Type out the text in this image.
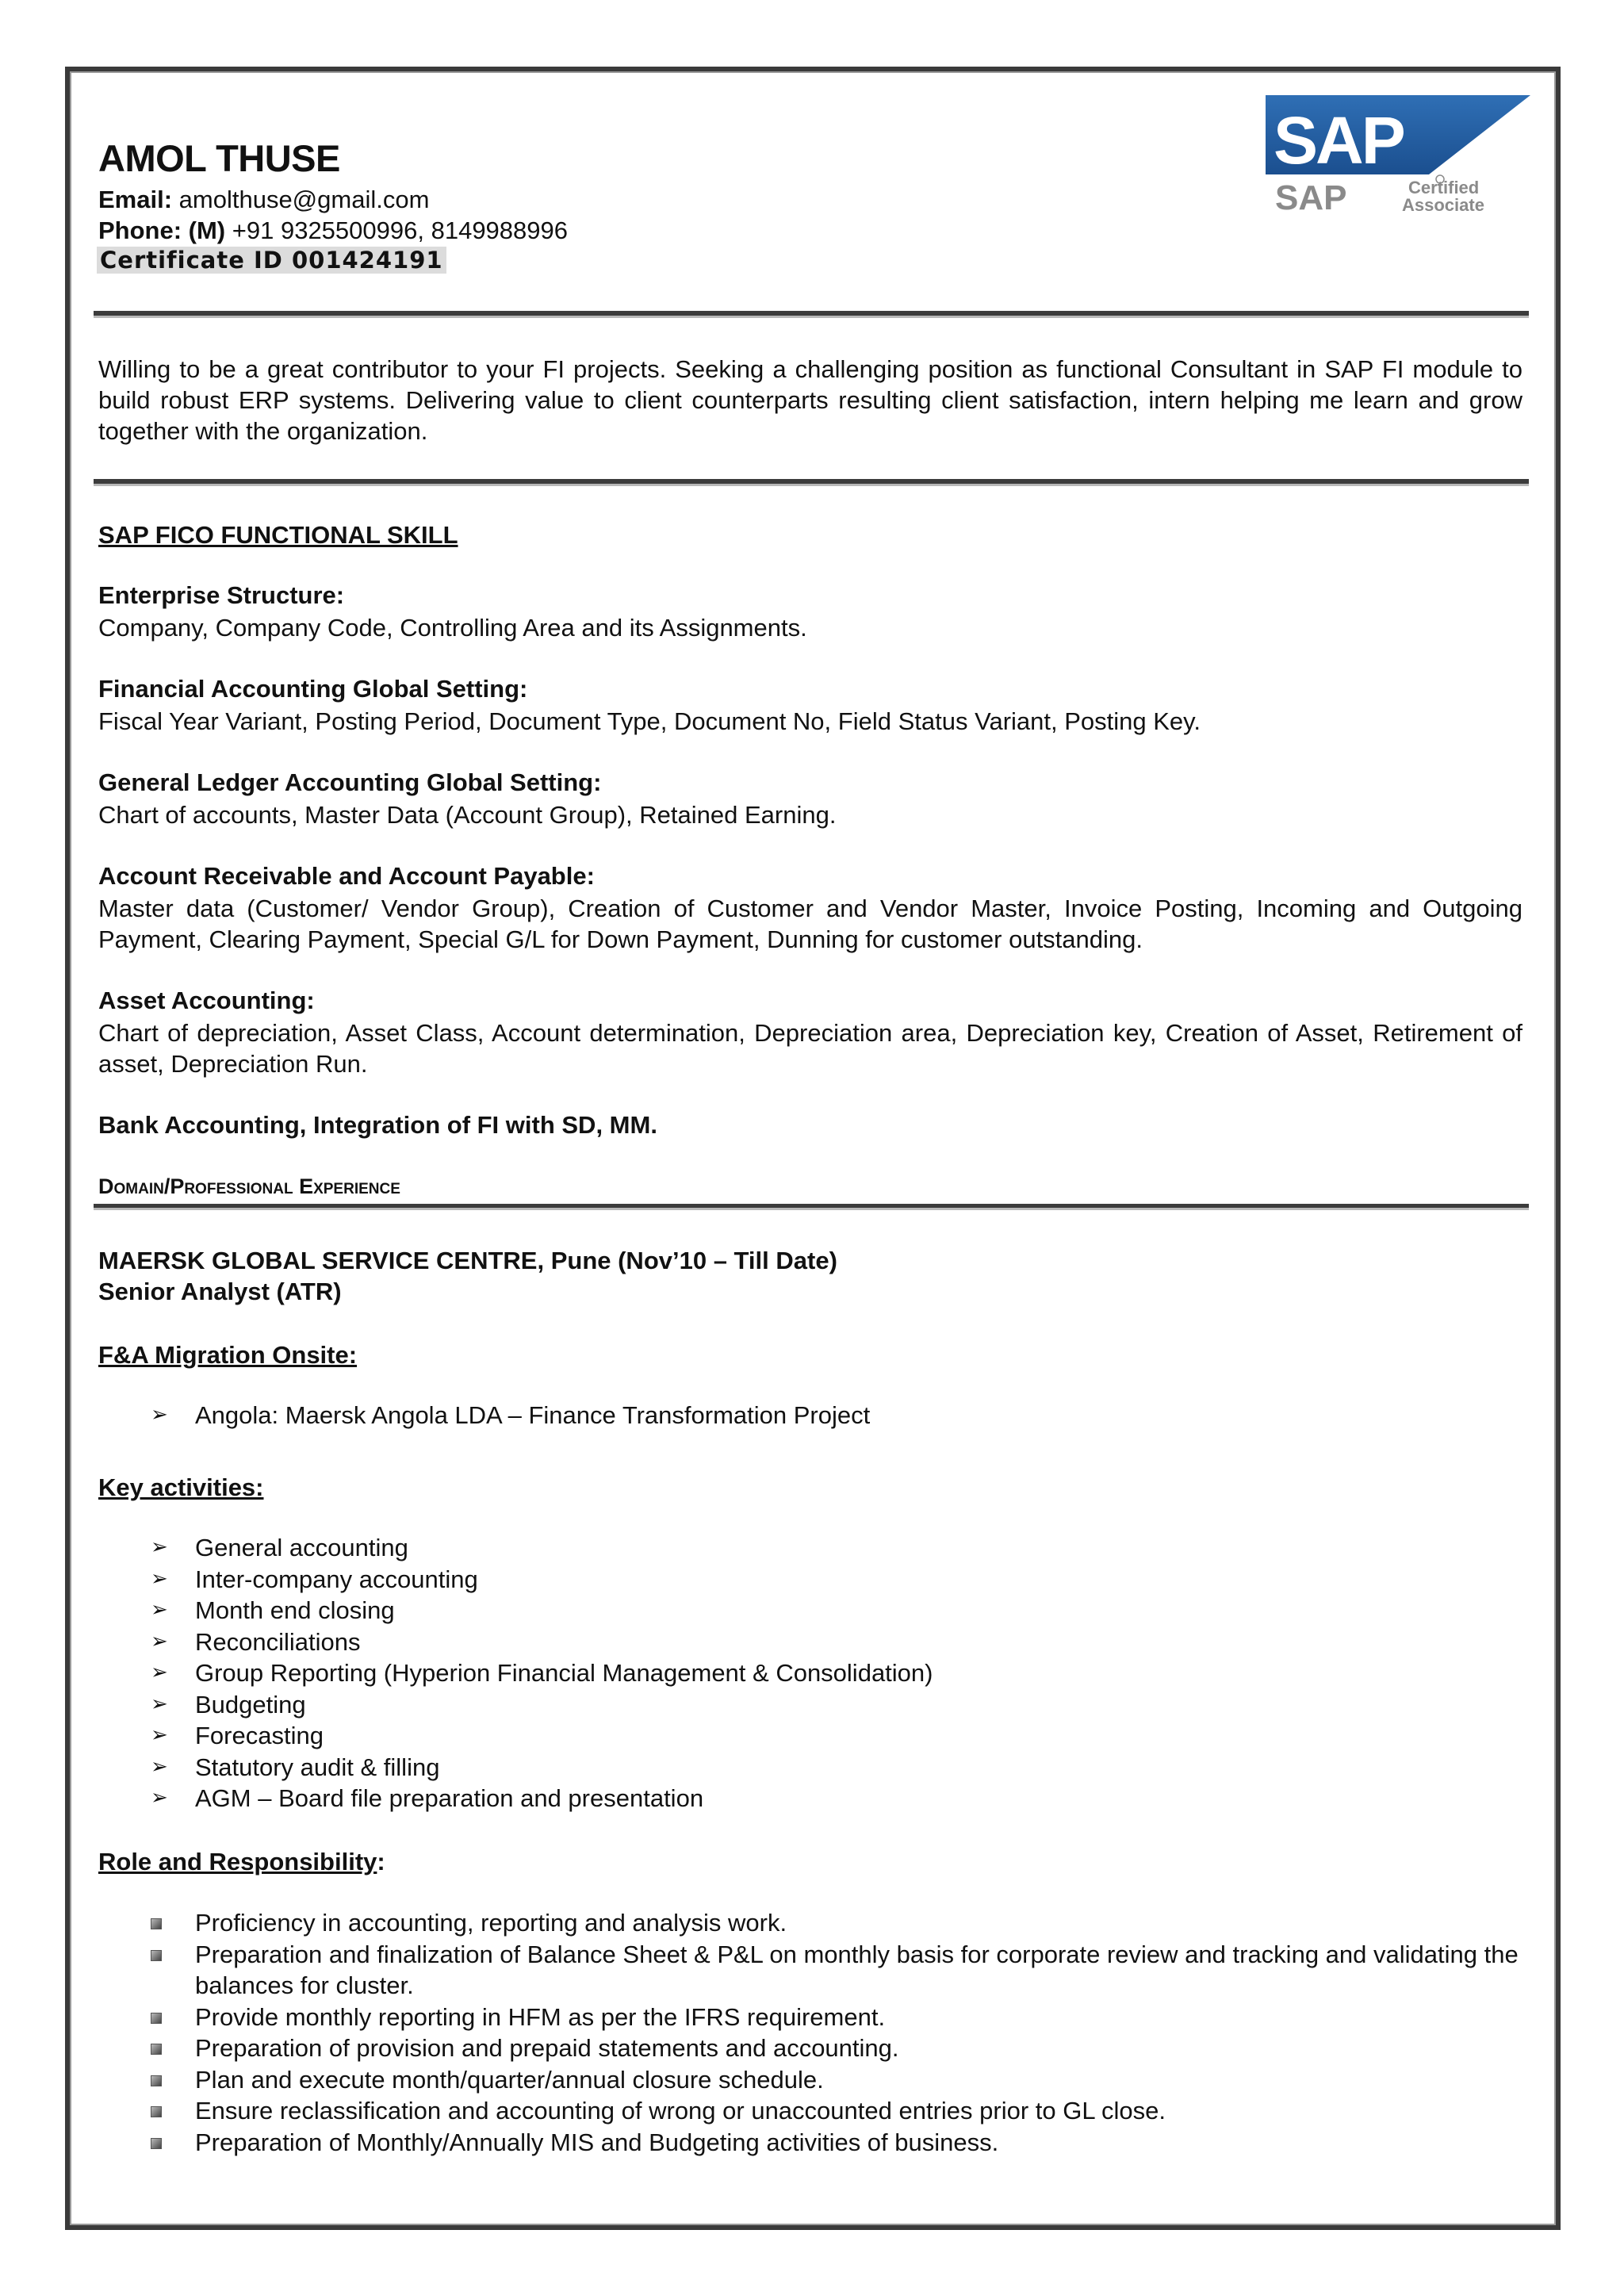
AMOL THUSE
Email: amolthuse@gmail.com
Phone: (M) +91 9325500996, 8149988996
Certificate ID 001424191
SAP
SAP	Certified
Associate
Willing to be a great contributor to your FI projects. Seeking a challenging position as functional Consultant in SAP FI module to build robust ERP systems. Delivering value to client counterparts resulting client satisfaction, intern helping me learn and grow together with the organization.
SAP FICO FUNCTIONAL SKILL
Enterprise Structure:
Company, Company Code, Controlling Area and its Assignments.
Financial Accounting Global Setting:
Fiscal Year Variant, Posting Period, Document Type, Document No, Field Status Variant, Posting Key.
General Ledger Accounting Global Setting:
Chart of accounts, Master Data (Account Group), Retained Earning.
Account Receivable and Account Payable:
Master data (Customer/ Vendor Group), Creation of Customer and Vendor Master, Invoice Posting, Incoming and Outgoing Payment, Clearing Payment, Special G/L for Down Payment, Dunning for customer outstanding.
Asset Accounting:
Chart of depreciation, Asset Class, Account determination, Depreciation area, Depreciation key, Creation of Asset, Retirement of asset, Depreciation Run.
Bank Accounting, Integration of FI with SD, MM.
Domain/Professional Experience
MAERSK GLOBAL SERVICE CENTRE, Pune (Nov’10 – Till Date)
Senior Analyst (ATR)
F&A Migration Onsite:
➢ Angola: Maersk Angola LDA – Finance Transformation Project
Key activities:
➢ General accounting
➢ Inter-company accounting
➢ Month end closing
➢ Reconciliations
➢ Group Reporting (Hyperion Financial Management & Consolidation)
➢ Budgeting
➢ Forecasting
➢ Statutory audit & filling
➢ AGM – Board file preparation and presentation
Role and Responsibility:
Proficiency in accounting, reporting and analysis work.
Preparation and finalization of Balance Sheet & P&L on monthly basis for corporate review and tracking and validating the balances for cluster.
Provide monthly reporting in HFM as per the IFRS requirement.
Preparation of provision and prepaid statements and accounting.
Plan and execute month/quarter/annual closure schedule.
Ensure reclassification and accounting of wrong or unaccounted entries prior to GL close.
Preparation of Monthly/Annually MIS and Budgeting activities of business.
